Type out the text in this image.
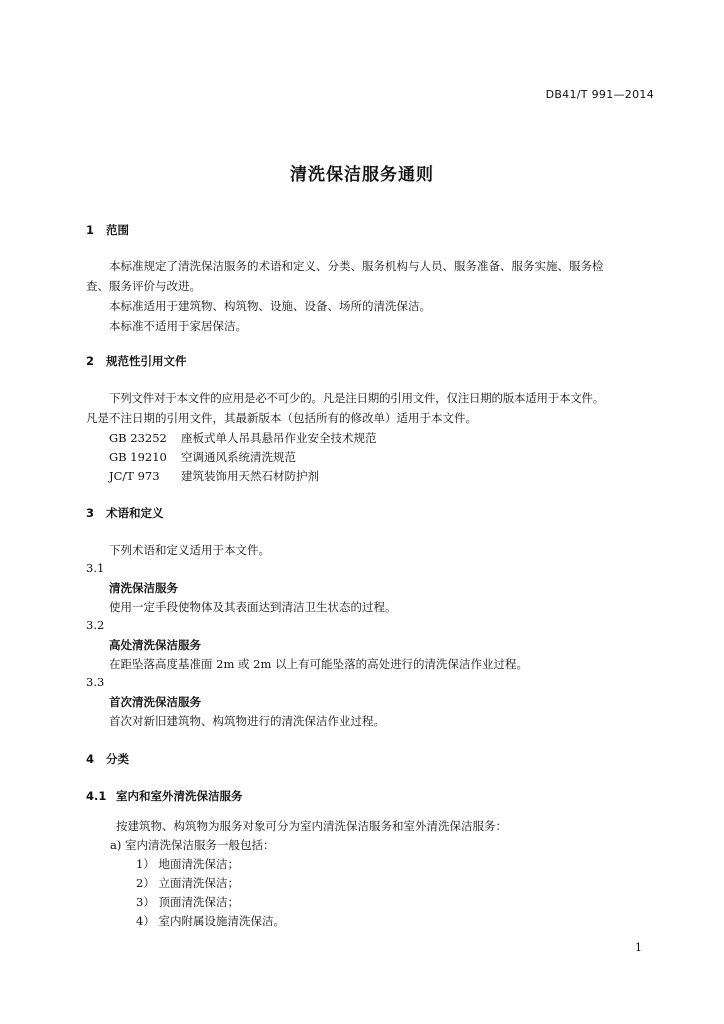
DB41/T 991—2014
清洗保洁服务通则
1 范围
本标准规定了清洗保洁服务的术语和定义、分类、服务机构与人员、服务准备、服务实施、服务检
查、服务评价与改进。
本标准适用于建筑物、构筑物、设施、设备、场所的清洗保洁。
本标准不适用于家居保洁。
2 规范性引用文件
下列文件对于本文件的应用是必不可少的。凡是注日期的引用文件，仅注日期的版本适用于本文件。
凡是不注日期的引用文件，其最新版本（包括所有的修改单）适用于本文件。
GB 23252 座板式单人吊具悬吊作业安全技术规范
GB 19210 空调通风系统清洗规范
JC/T 973 建筑装饰用天然石材防护剂
3 术语和定义
下列术语和定义适用于本文件。
3.1
清洗保洁服务
使用一定手段使物体及其表面达到清洁卫生状态的过程。
3.2
高处清洗保洁服务
在距坠落高度基准面 2m 或 2m 以上有可能坠落的高处进行的清洗保洁作业过程。
3.3
首次清洗保洁服务
首次对新旧建筑物、构筑物进行的清洗保洁作业过程。
4 分类
4.1 室内和室外清洗保洁服务
按建筑物、构筑物为服务对象可分为室内清洗保洁服务和室外清洗保洁服务：
a) 室内清洗保洁服务一般包括：
1） 地面清洗保洁；
2） 立面清洗保洁；
3） 顶面清洗保洁；
4） 室内附属设施清洗保洁。
1
